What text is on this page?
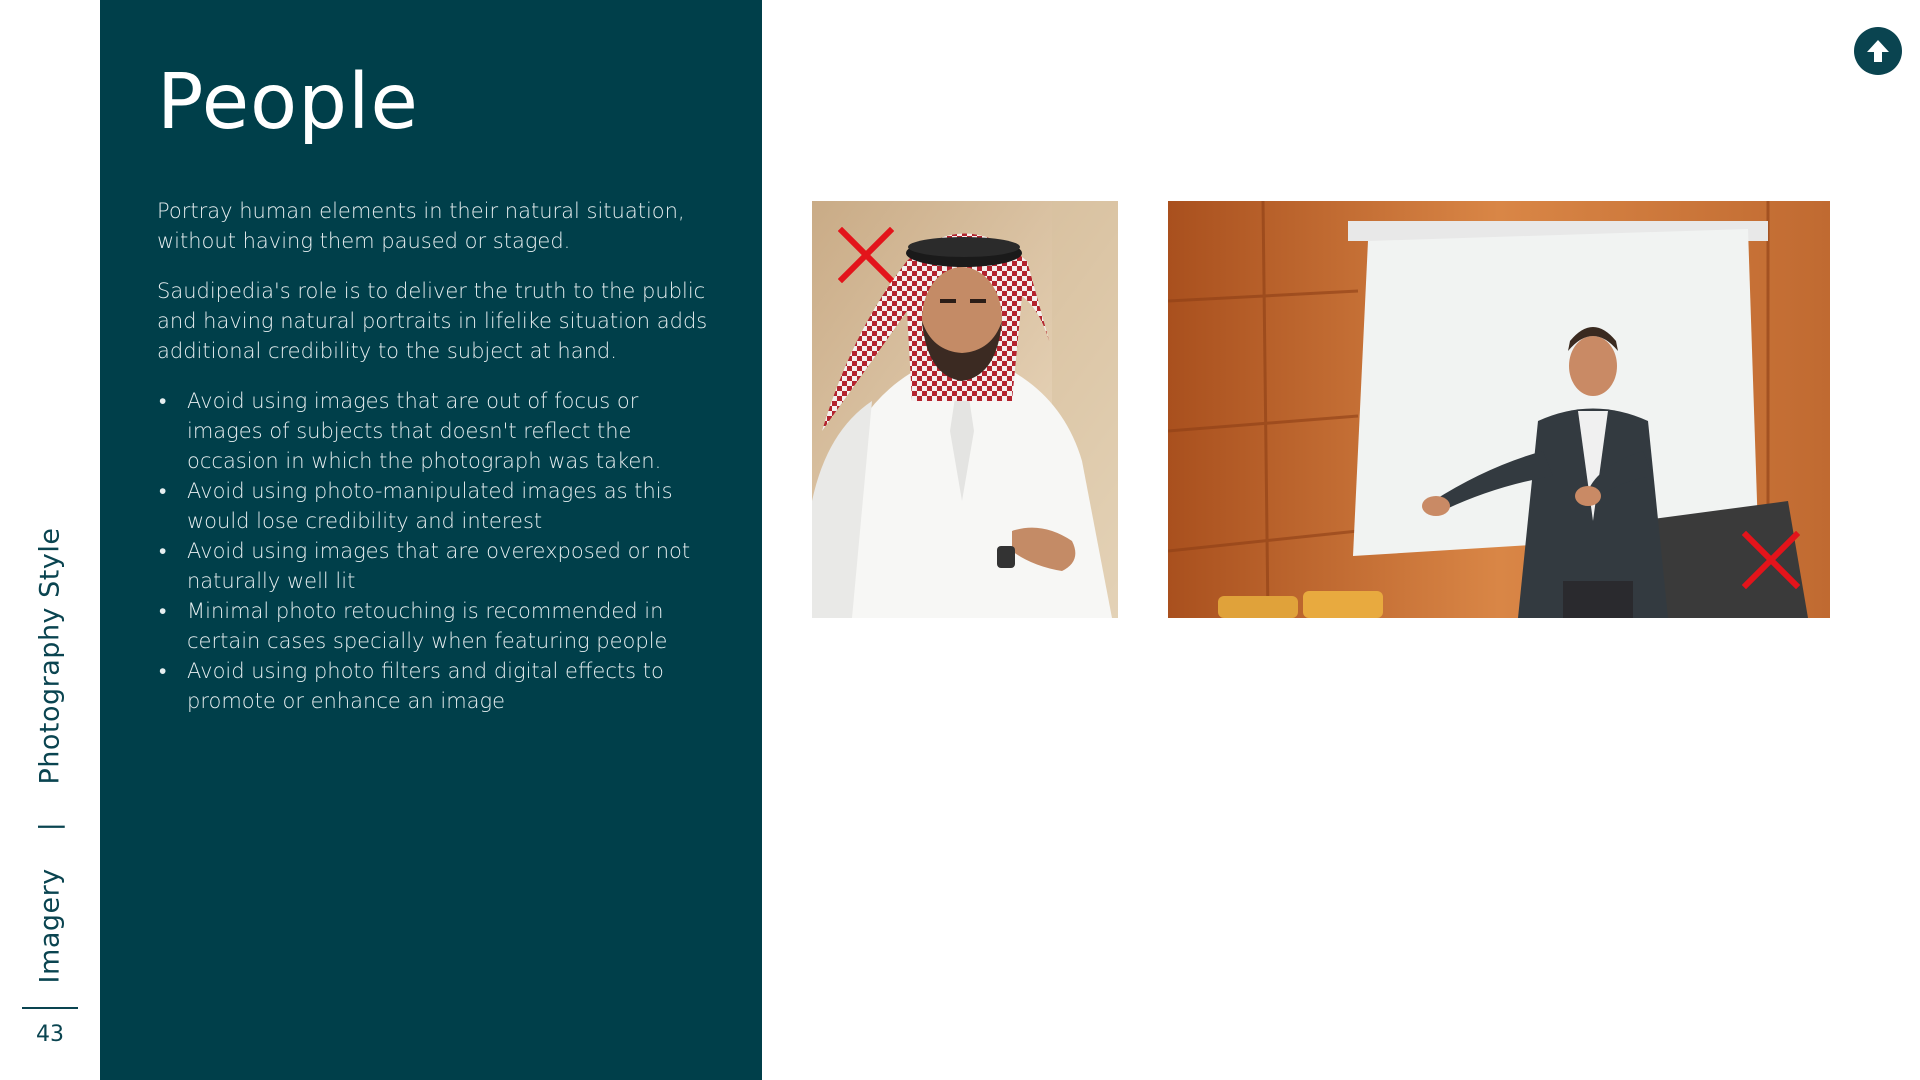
Imagery | Photography Style
43
People

Portray human elements in their natural situation, without having them paused or staged.

Saudipedia's role is to deliver the truth to the public and having natural portraits in lifelike situation adds additional credibility to the subject at hand.

• Avoid using images that are out of focus or images of subjects that doesn't reflect the occasion in which the photograph was taken.
• Avoid using photo-manipulated images as this would lose credibility and interest
• Avoid using images that are overexposed or not naturally well lit
• Minimal photo retouching is recommended in certain cases specially when featuring people
• Avoid using photo filters and digital effects to promote or enhance an image
